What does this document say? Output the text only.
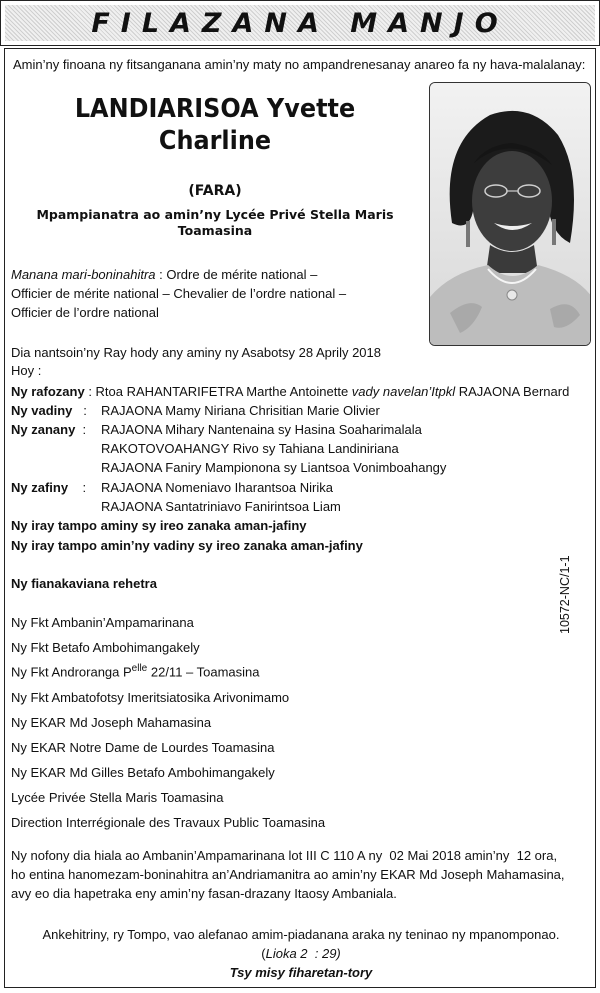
FILAZANA MANJO
Amin’ny finoana ny fitsanganana amin’ny maty no ampandrenesanay anareo fa ny hava-malalanay:
LANDIARISOA Yvette
Charline
(FARA)
Mpampianatra ao amin’ny Lycée Privé Stella Maris
Toamasina
Manana mari-boninahitra : Ordre de mérite national –
Officier de mérite national – Chevalier de l’ordre national –
Officier de l’ordre national
Dia nantsoin’ny Ray hody any aminy ny Asabotsy 28 Aprily 2018
Hoy :
Ny rafozany : Rtoa RAHANTARIFETRA Marthe Antoinette vady navelan’Itpkl RAJAONA Bernard
Ny vadiny   : RAJAONA Mamy Niriana Chrisitian Marie Olivier
Ny zanany  : RAJAONA Mihary Nantenaina sy Hasina Soaharimalala
RAKOTOVOAHANGY Rivo sy Tahiana Landiniriana
RAJAONA Faniry Mampionona sy Liantsoa Vonimboahangy
Ny zafiny    : RAJAONA Nomeniavo Iharantsoa Nirika
RAJAONA Santatriniavo Fanirintsoa Liam
Ny iray tampo aminy sy ireo zanaka aman-jafiny
Ny iray tampo amin’ny vadiny sy ireo zanaka aman-jafiny
Ny fianakaviana rehetra
Ny Fkt Ambanin’Ampamarinana
Ny Fkt Betafo Ambohimangakely
Ny Fkt Androranga $P^{elle}$ 22/11 – Toamasina
Ny Fkt Ambatofotsy Imeritsiatosika Arivonimamo
Ny EKAR Md Joseph Mahamasina
Ny EKAR Notre Dame de Lourdes Toamasina
Ny EKAR Md Gilles Betafo Ambohimangakely
Lycée Privée Stella Maris Toamasina
Direction Interrégionale des Travaux Public Toamasina
10572-NC/1-1
Ny nofony dia hiala ao Ambanin’Ampamarinana lot III C 110 A ny  02 Mai 2018 amin’ny  12 ora,
ho entina hanomezam-boninahitra an’Andriamanitra ao amin’ny EKAR Md Joseph Mahamasina,
avy eo dia hapetraka eny amin’ny fasan-drazany Itaosy Ambaniala.
Ankehitriny, ry Tompo, vao alefanao amim-piadanana araka ny teninao ny mpanomponao.
(Lioka 2  : 29)
Tsy misy fiharetan-tory
